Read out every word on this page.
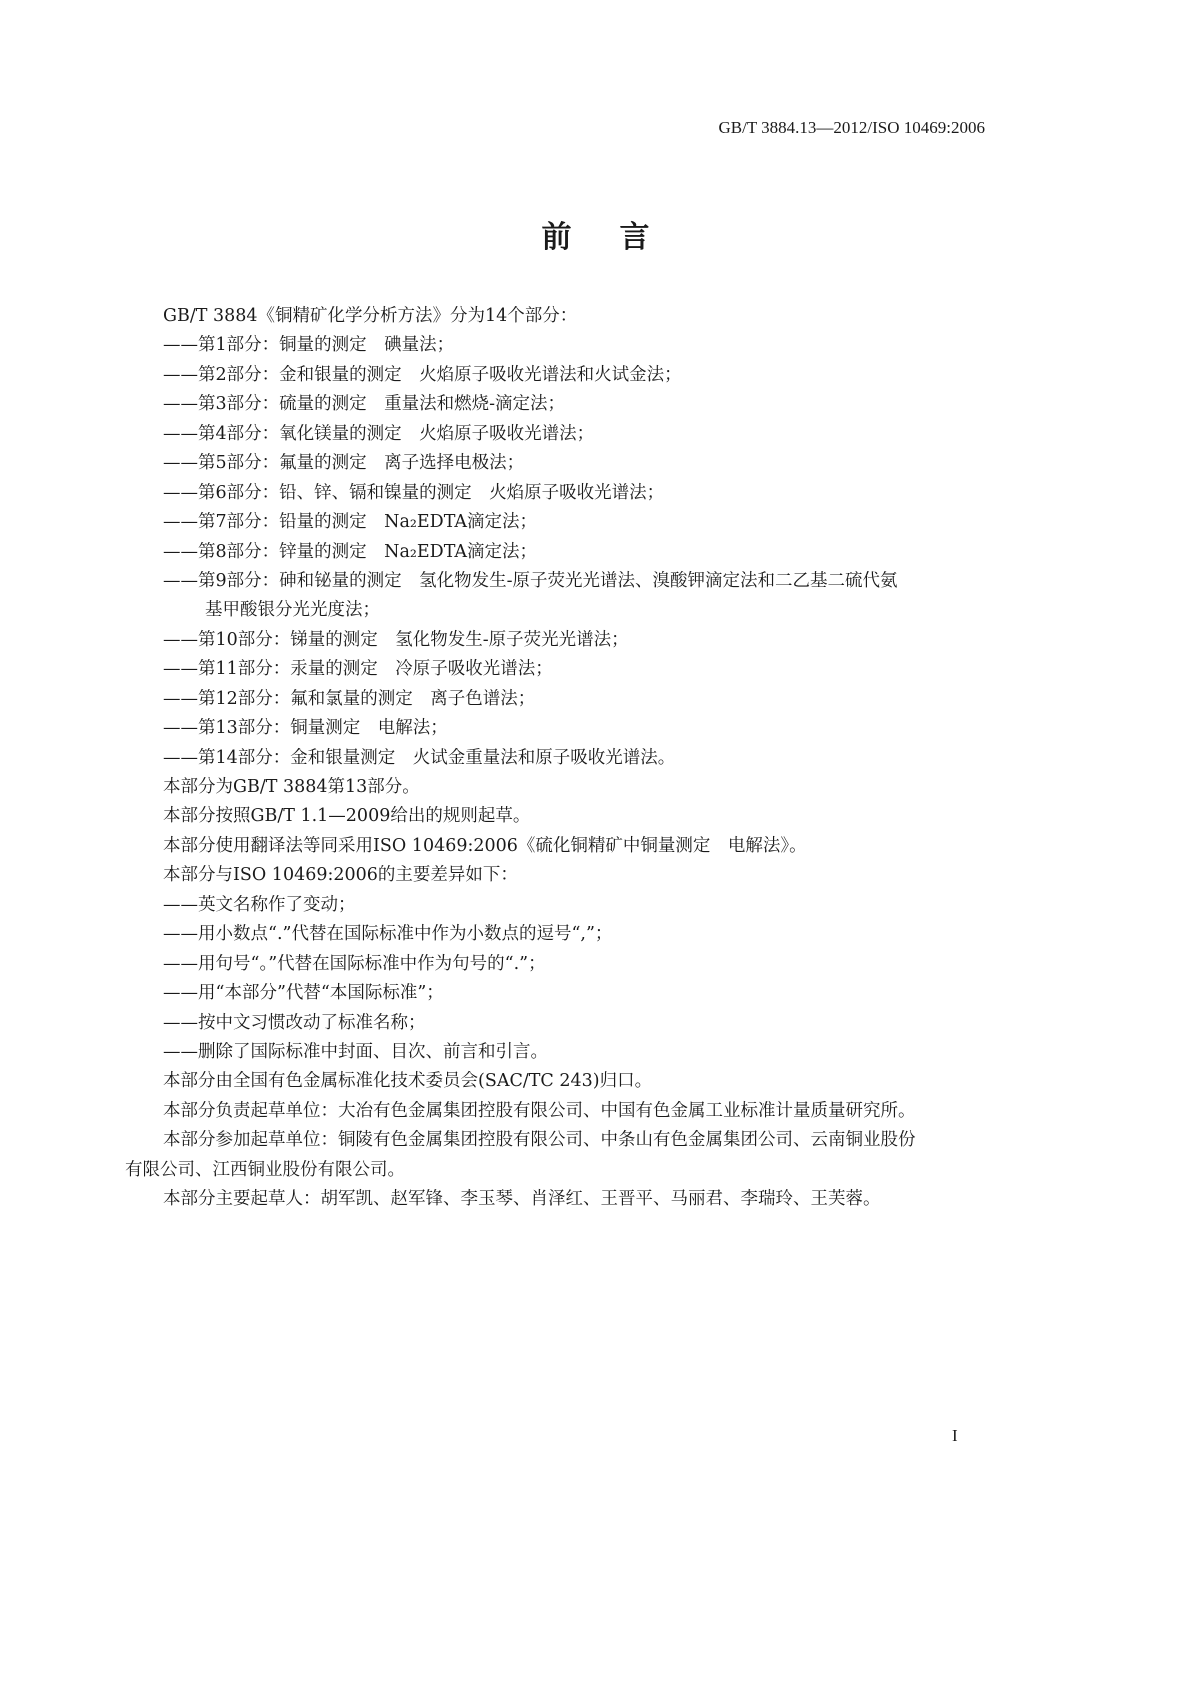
GB/T 3884.13—2012/ISO 10469:2006
前言
GB/T 3884《铜精矿化学分析方法》分为14个部分：
——第1部分：铜量的测定　碘量法；
——第2部分：金和银量的测定　火焰原子吸收光谱法和火试金法；
——第3部分：硫量的测定　重量法和燃烧-滴定法；
——第4部分：氧化镁量的测定　火焰原子吸收光谱法；
——第5部分：氟量的测定　离子选择电极法；
——第6部分：铅、锌、镉和镍量的测定　火焰原子吸收光谱法；
——第7部分：铅量的测定　Na₂EDTA滴定法；
——第8部分：锌量的测定　Na₂EDTA滴定法；
——第9部分：砷和铋量的测定　氢化物发生-原子荧光光谱法、溴酸钾滴定法和二乙基二硫代氨
基甲酸银分光光度法；
——第10部分：锑量的测定　氢化物发生-原子荧光光谱法；
——第11部分：汞量的测定　冷原子吸收光谱法；
——第12部分：氟和氯量的测定　离子色谱法；
——第13部分：铜量测定　电解法；
——第14部分：金和银量测定　火试金重量法和原子吸收光谱法。
本部分为GB/T 3884第13部分。
本部分按照GB/T 1.1—2009给出的规则起草。
本部分使用翻译法等同采用ISO 10469:2006《硫化铜精矿中铜量测定　电解法》。
本部分与ISO 10469:2006的主要差异如下：
——英文名称作了变动；
——用小数点“.”代替在国际标准中作为小数点的逗号“,”；
——用句号“。”代替在国际标准中作为句号的“.”；
——用“本部分”代替“本国际标准”；
——按中文习惯改动了标准名称；
——删除了国际标准中封面、目次、前言和引言。
本部分由全国有色金属标准化技术委员会(SAC/TC 243)归口。
本部分负责起草单位：大冶有色金属集团控股有限公司、中国有色金属工业标准计量质量研究所。
本部分参加起草单位：铜陵有色金属集团控股有限公司、中条山有色金属集团公司、云南铜业股份
有限公司、江西铜业股份有限公司。
本部分主要起草人：胡军凯、赵军锋、李玉琴、肖泽红、王晋平、马丽君、李瑞玲、王芙蓉。
I
